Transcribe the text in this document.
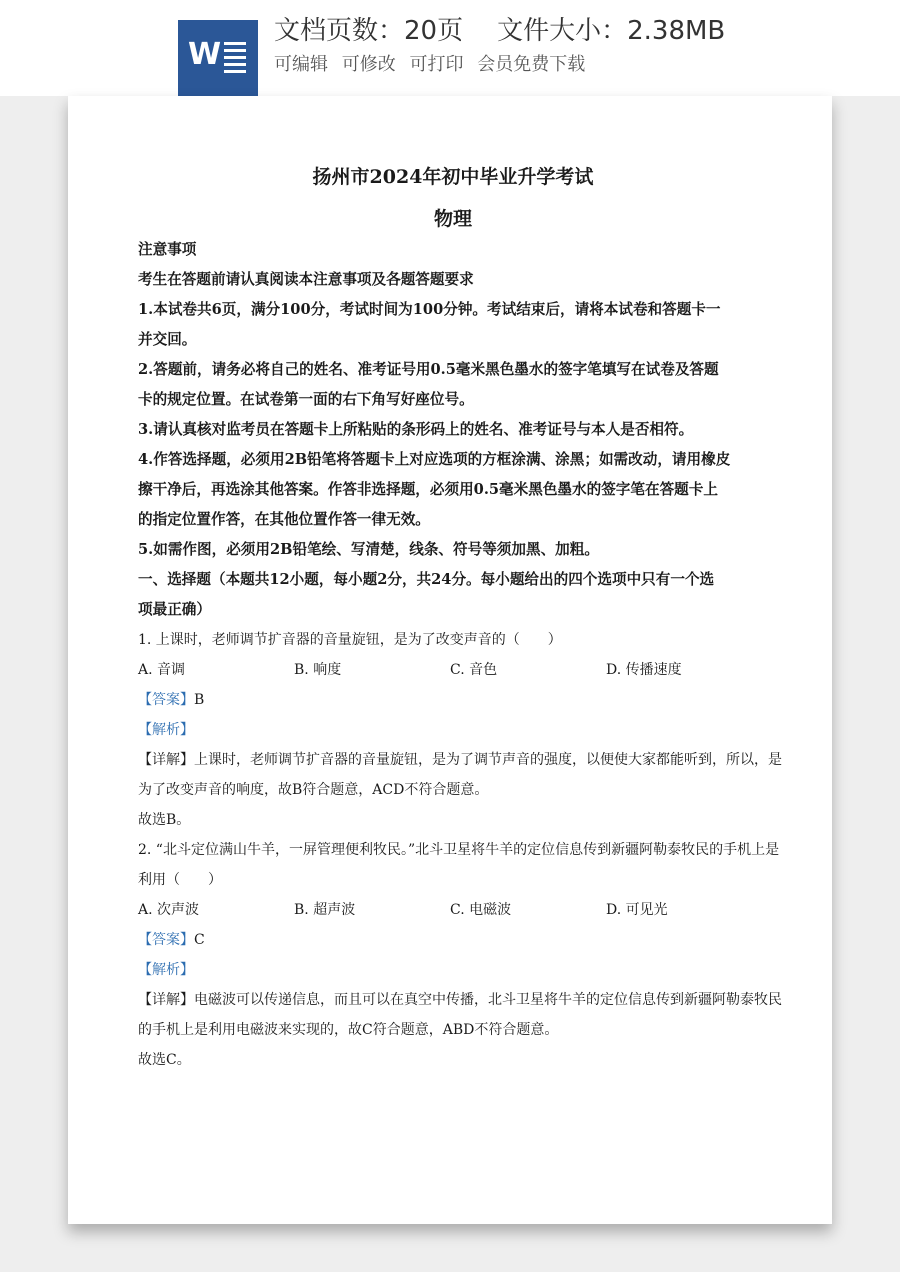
W
文档页数：20页 文件大小：2.38MB
可编辑 可修改 可打印 会员免费下载
扬州市2024年初中毕业升学考试
物理
注意事项
考生在答题前请认真阅读本注意事项及各题答题要求
1.本试卷共6页，满分100分，考试时间为100分钟。考试结束后，请将本试卷和答题卡一
并交回。
2.答题前，请务必将自己的姓名、准考证号用0.5毫米黑色墨水的签字笔填写在试卷及答题
卡的规定位置。在试卷第一面的右下角写好座位号。
3.请认真核对监考员在答题卡上所粘贴的条形码上的姓名、准考证号与本人是否相符。
4.作答选择题，必须用2B铅笔将答题卡上对应选项的方框涂满、涂黑；如需改动，请用橡皮
擦干净后，再选涂其他答案。作答非选择题，必须用0.5毫米黑色墨水的签字笔在答题卡上
的指定位置作答，在其他位置作答一律无效。
5.如需作图，必须用2B铅笔绘、写清楚，线条、符号等须加黑、加粗。
一、选择题（本题共12小题，每小题2分，共24分。每小题给出的四个选项中只有一个选
项最正确）
1. 上课时，老师调节扩音器的音量旋钮，是为了改变声音的（　　）
A. 音调	B. 响度	C. 音色	D. 传播速度
【答案】B
【解析】
【详解】上课时，老师调节扩音器的音量旋钮，是为了调节声音的强度，以便使大家都能听到，所以，是
为了改变声音的响度，故B符合题意，ACD不符合题意。
故选B。
2. “北斗定位满山牛羊，一屏管理便利牧民。”北斗卫星将牛羊的定位信息传到新疆阿勒泰牧民的手机上是
利用（　　）
A. 次声波	B. 超声波	C. 电磁波	D. 可见光
【答案】C
【解析】
【详解】电磁波可以传递信息，而且可以在真空中传播，北斗卫星将牛羊的定位信息传到新疆阿勒泰牧民
的手机上是利用电磁波来实现的，故C符合题意，ABD不符合题意。
故选C。
